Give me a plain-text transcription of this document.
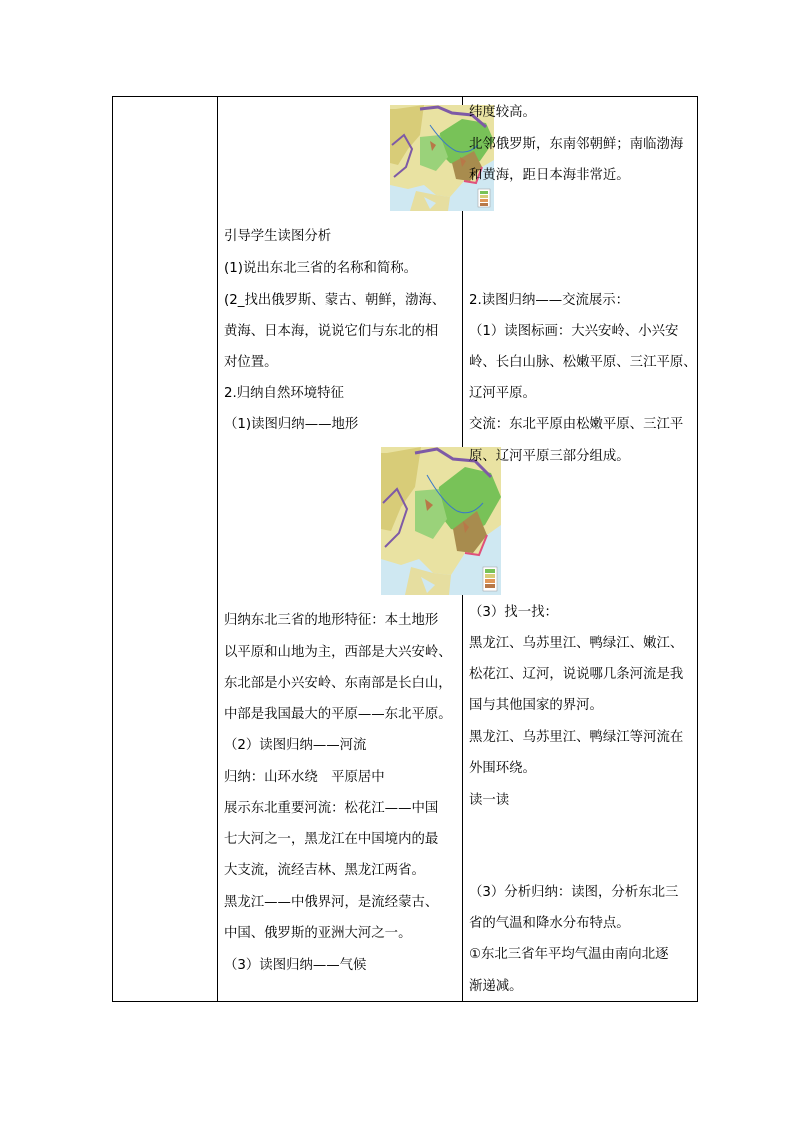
引导学生读图分析

(1)说出东北三省的名称和简称。

(2_找出俄罗斯、蒙古、朝鲜，渤海、

黄海、日本海，说说它们与东北的相

对位置。

2.归纳自然环境特征

（1)读图归纳——地形

归纳东北三省的地形特征：本土地形

以平原和山地为主，西部是大兴安岭、

东北部是小兴安岭、东南部是长白山，

中部是我国最大的平原——东北平原。

（2）读图归纳——河流

归纳：山环水绕　平原居中

展示东北重要河流：松花江——中国

七大河之一，黑龙江在中国境内的最

大支流，流经吉林、黑龙江两省。

黑龙江——中俄界河，是流经蒙古、

中国、俄罗斯的亚洲大河之一。

（3）读图归纳——气候

纬度较高。

北邻俄罗斯，东南邻朝鲜；南临渤海

和黄海，距日本海非常近。

2.读图归纳——交流展示：

（1）读图标画：大兴安岭、小兴安

岭、长白山脉、松嫩平原、三江平原、

辽河平原。

交流：东北平原由松嫩平原、三江平

原、辽河平原三部分组成。

（3）找一找：

黑龙江、乌苏里江、鸭绿江、嫩江、

松花江、辽河，说说哪几条河流是我

国与其他国家的界河。

黑龙江、乌苏里江、鸭绿江等河流在

外围环绕。

读一读

（3）分析归纳：读图，分析东北三

省的气温和降水分布特点。

①东北三省年平均气温由南向北逐

渐递减。
